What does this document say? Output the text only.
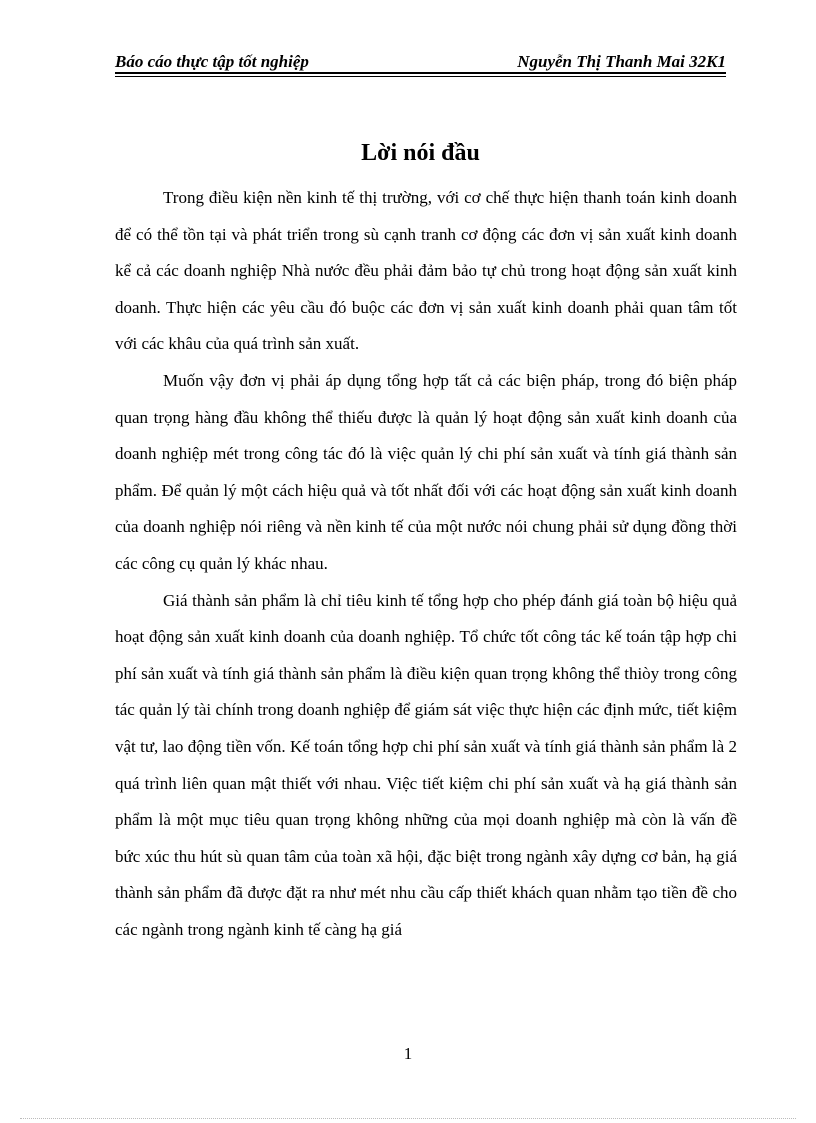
Báo cáo thực tập tốt nghiệp	Nguyễn Thị Thanh Mai 32K1
Lời nói đầu

Trong điều kiện nền kinh tế thị trường, với cơ chế thực hiện thanh toán kinh doanh để có thể tồn tại và phát triển trong sù cạnh tranh cơ động các đơn vị sản xuất kinh doanh kể cả các doanh nghiệp Nhà nước đều phải đảm bảo tự chủ trong hoạt động sản xuất kinh doanh. Thực hiện các yêu cầu đó buộc các đơn vị sản xuất kinh doanh phải quan tâm tốt với các khâu của quá trình sản xuất.

Muốn vậy đơn vị phải áp dụng tổng hợp tất cả các biện pháp, trong đó biện pháp quan trọng hàng đầu không thể thiếu được là quản lý hoạt động sản xuất kinh doanh của doanh nghiệp mét trong công tác đó là việc quản lý chi phí sản xuất và tính giá thành sản phẩm. Để quản lý một cách hiệu quả và tốt nhất đối với các hoạt động sản xuất kinh doanh của doanh nghiệp nói riêng và nền kinh tế của một nước nói chung phải sử dụng đồng thời các công cụ quản lý khác nhau.

Giá thành sản phẩm là chỉ tiêu kinh tế tổng hợp cho phép đánh giá toàn bộ hiệu quả hoạt động sản xuất kinh doanh của doanh nghiệp. Tổ chức tốt công tác kế toán tập hợp chi phí sản xuất và tính giá thành sản phẩm là điều kiện quan trọng không thể thiòy trong công tác quản lý tài chính trong doanh nghiệp để giám sát việc thực hiện các định mức, tiết kiệm vật tư, lao động tiền vốn. Kế toán tổng hợp chi phí sản xuất và tính giá thành sản phẩm là 2 quá trình liên quan mật thiết với nhau. Việc tiết kiệm chi phí sản xuất và hạ giá thành sản phẩm là một mục tiêu quan trọng không những của mọi doanh nghiệp mà còn là vấn đề bức xúc thu hút sù quan tâm của toàn xã hội, đặc biệt trong ngành xây dựng cơ bản, hạ giá thành sản phẩm đã được đặt ra như mét nhu cầu cấp thiết khách quan nhằm tạo tiền đề cho các ngành trong ngành kinh tế càng hạ giá

1
